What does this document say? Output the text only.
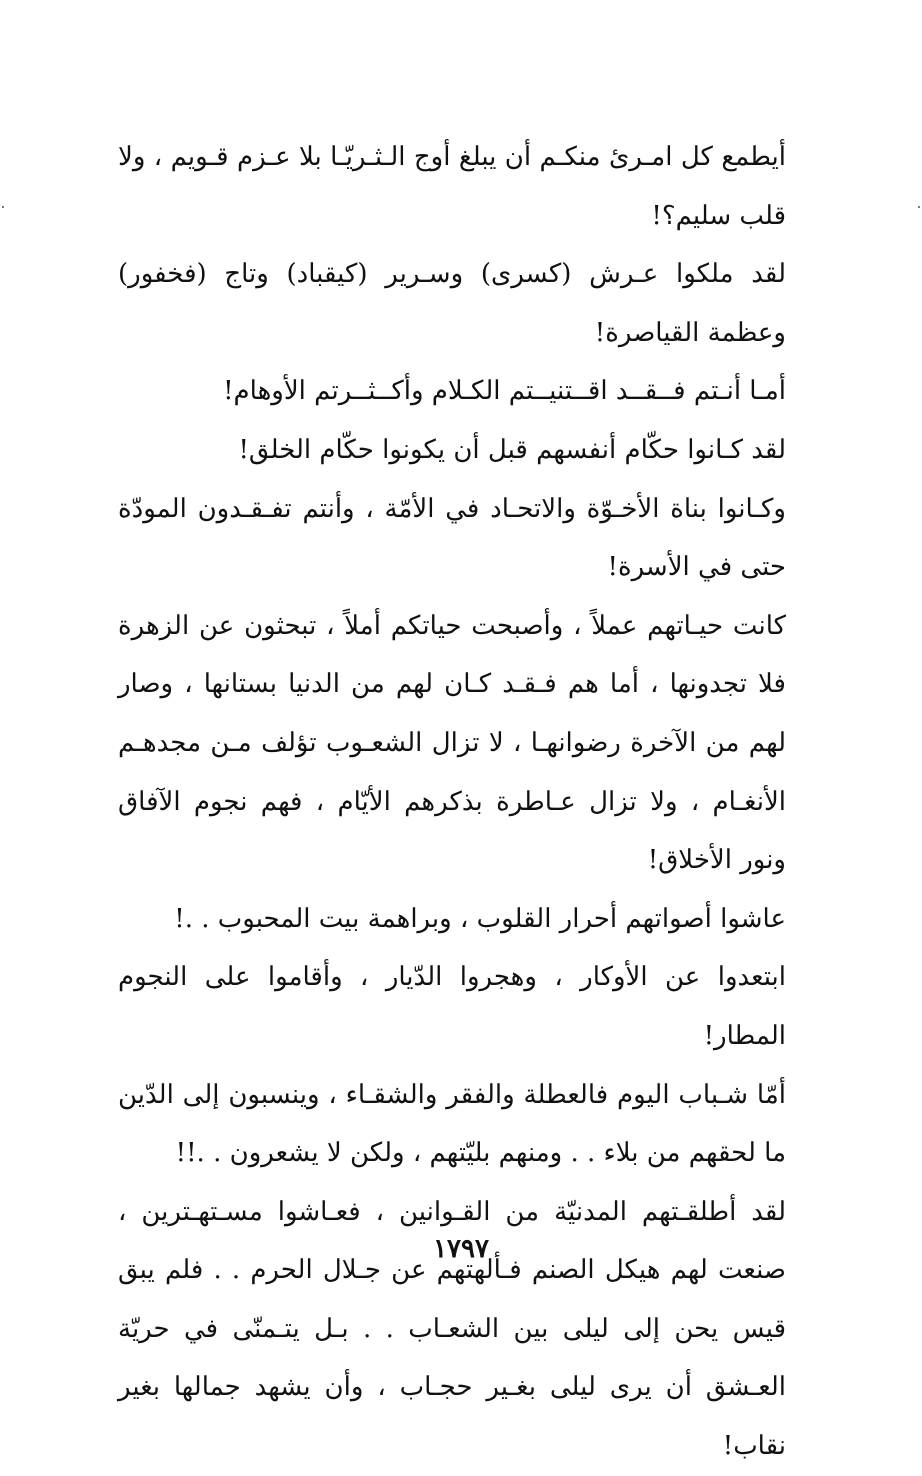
أيطمع كل امـرئ منكـم أن يبلغ أوج الـثـريّـا بلا عـزم قـويم ، ولا قلب سليم؟!

لقد ملكوا عـرش (كسرى) وسـرير (كيقباد) وتاج (فخفور) وعظمة القياصرة!

أمـا أنـتم فــقــد اقــتنيــتم الكـلام وأكــثــرتم الأوهام!

لقد كـانوا حكّام أنفسهم قبل أن يكونوا حكّام الخلق!

وكـانوا بناة الأخـوّة والاتحـاد في الأمّة ، وأنتم تفـقـدون المودّة حتى في الأسرة!

كانت حيـاتهم عملاً ، وأصبحت حياتكم أملاً ، تبحثون عن الزهرة فلا تجدونها ، أما هم فـقـد كـان لهم من الدنيا بستانها ، وصار لهم من الآخرة رضوانهـا ، لا تزال الشعـوب تؤلف مـن مجدهـم الأنغـام ، ولا تزال عـاطرة بذكرهم الأيّام ، فهم نجوم الآفاق ونور الأخلاق!

عاشوا أصواتهم أحرار القلوب ، وبراهمة بيت المحبوب . .!

ابتعدوا عن الأوكار ، وهجروا الدّيار ، وأقاموا على النجوم المطار!

أمّا شـباب اليوم فالعطلة والفقر والشقـاء ، وينسبون إلى الدّين ما لحقهم من بلاء . . ومنهم بليّتهم ، ولكن لا يشعرون . .!!

لقد أطلقـتهم المدنيّة من القـوانين ، فعـاشوا مسـتهـترين ، صنعت لهم هيكل الصنم فـألهتهم عن جـلال الحرم . . فلم يبق قيس يحن إلى ليلى بين الشعـاب . . بـل يتـمنّى في حريّة العـشق أن يرى ليلى بغـير حجـاب ، وأن يشهد جمالها بغير نقاب!

١٧٩٧
